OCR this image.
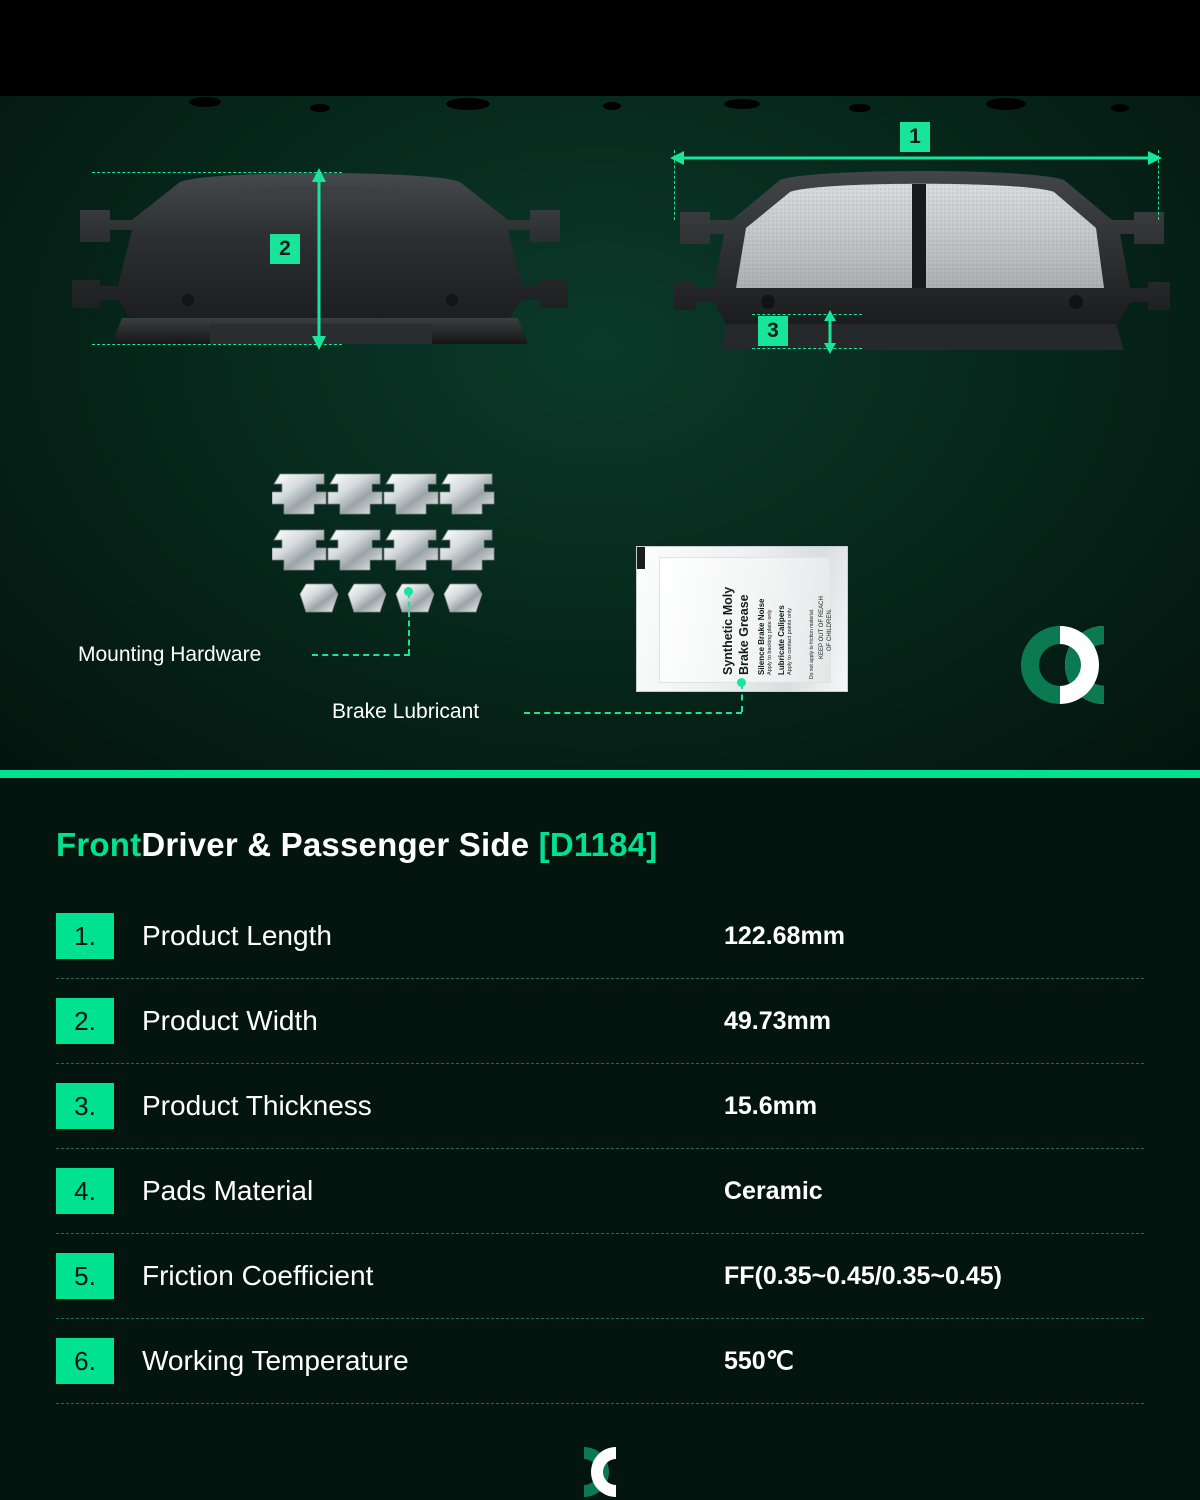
2
1
3
Mounting Hardware	Synthetic Moly Brake Grease Silence Brake Noise Apply to backing plate only Lubricate Calipers Apply to contact points only	Do not apply to friction material. KEEP OUT OF REACH OF CHILDREN.
Brake Lubricant
FrontDriver & Passenger Side [D1184]
1.	Product Length	122.68mm
2.	Product Width	49.73mm
3.	Product Thickness	15.6mm
4.	Pads Material	Ceramic
5.	Friction Coefficient	FF(0.35~0.45/0.35~0.45)
6.	Working Temperature	550℃
